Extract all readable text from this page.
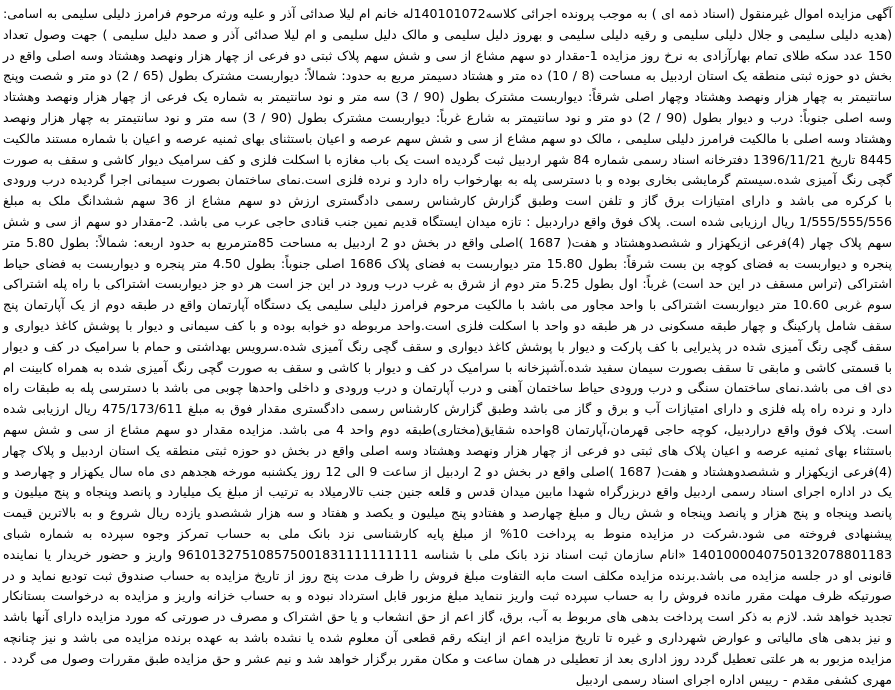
آگهی مزایده اموال غیرمنقول (اسناد ذمه ای ) به موجب پرونده اجرائی کلاسه140101072له خانم ام لیلا صدائی آذر و علیه ورثه مرحوم فرامرز دلیلی سلیمی به اسامی:(هدیه دلیلی سلیمی و جلال دلیلی سلیمی و رقیه دلیلی سلیمی و بهروز دلیل سلیمی و مالک دلیل سلیمی و ام لیلا صدائی آذر و صمد دلیل سلیمی ) جهت وصول تعداد 150 عدد سکه طلای تمام بهارآزادی به نرخ روز مزایده 1-مقدار دو سهم مشاع از سی و شش سهم پلاک ثبتی دو فرعی از چهار هزار ونهصد وهشتاد وسه اصلی واقع در بخش دو حوزه ثبتی منطقه یک استان اردبیل به مساحت (8 / 10) ده متر و هشتاد دسیمتر مربع به حدود: شمالاً: دیواربست مشترک بطول (65 / 2) دو متر و شصت وپنج سانتیمتر به چهار هزار ونهصد وهشتاد وچهار اصلی شرقاً: دیواربست مشترک بطول (90 / 3) سه متر و نود سانتیمتر به شماره یک فرعی از چهار هزار ونهصد وهشتاد وسه اصلی جنوباً: درب و دیوار بطول (90 / 2) دو متر و نود سانتیمتر به شارع غرباً: دیواربست مشترک بطول (90 / 3) سه متر و نود سانتیمتر به چهار هزار ونهصد وهشتاد وسه اصلی با مالکیت فرامرز دلیلی سلیمی ، مالک دو سهم مشاع از سی و شش سهم عرصه و اعیان باستثنای بهای ثمنیه عرصه و اعیان با شماره مستند مالکیت 8445 تاریخ 1396/11/21 دفترخانه اسناد رسمی شماره 84 شهر اردبیل ثبت گردیده است یک باب مغازه با اسکلت فلزی و کف سرامیک دیوار کاشی و سقف به صورت گچی رنگ آمیزی شده.سیستم گرمایشی بخاری بوده و با دسترسی پله به بهارخواب راه دارد و نرده فلزی است.نمای ساختمان بصورت سیمانی اجرا گردیده درب ورودی با کرکره می باشد و دارای امتیازات برق گاز و تلفن است وطبق گزارش کارشناس رسمی دادگستری ارزش دو سهم مشاع از 36 سهم ششدانگ ملک به مبلغ 1/555/555/556 ریال ارزیابی شده است. پلاک فوق واقع دراردبیل : تازه میدان ایستگاه قدیم نمین جنب قنادی حاجی عرب می باشد. 2-مقدار دو سهم از سی و شش سهم پلاک چهار (4)فرعی ازیکهزار و ششصدوهشتاد و هفت( 1687 )اصلی واقع در بخش دو 2 اردبیل به مساحت 85مترمربع به حدود اربعه: شمالاً: بطول 5.80 متر پنجره و دیواربست به فضای کوچه بن بست شرقاً: بطول 15.80 متر دیواربست به فضای پلاک 1686 اصلی جنوباً: بطول 4.50 متر پنجره و دیواربست به فضای حیاط اشتراکی (تراس مسقف در این حد است) غرباً: اول بطول 5.25 متر دوم از شرق به غرب درب ورود در این جز است هر دو جز دیواربست اشتراکی با راه پله اشتراکی سوم غربی 10.60 متر دیواربست اشتراکی با واحد مجاور می باشد با مالکیت مرحوم فرامرز دلیلی سلیمی یک دستگاه آپارتمان واقع در طبقه دوم از یک آپارتمان پنج سقف شامل پارکینگ و چهار طبقه مسکونی در هر طبقه دو واحد با اسکلت فلزی است.واحد مربوطه دو خوابه بوده و با کف سیمانی و دیوار با پوشش کاغذ دیواری و سقف گچی رنگ آمیزی شده در پذیرایی با کف پارکت و دیوار با پوشش کاغذ دیواری و سقف گچی رنگ آمیزی شده.سرویس بهداشتی و حمام با سرامیک در کف و دیوار با قسمتی کاشی و مابقی تا سقف بصورت سیمان سفید شده.آشپزخانه با سرامیک در کف و دیوار با کاشی و سقف به صورت گچی رنگ آمیزی شده به همراه کابینت ام دی اف می باشد.نمای ساختمان سنگی و درب ورودی حیاط ساختمان آهنی و درب آپارتمان و درب ورودی و داخلی واحدها چوبی می باشد با دسترسی پله به طبقات راه دارد و نرده راه پله فلزی و دارای امتیازات آب و برق و گاز می باشد وطبق گزارش کارشناس رسمی دادگستری مقدار فوق به مبلغ 475/173/611 ریال ارزیابی شده است. پلاک فوق واقع دراردبیل، کوچه حاجی قهرمان،آپارتمان 8واحده شقایق(مختاری)طبقه دوم واحد 4 می باشد. مزایده مقدار دو سهم مشاع از سی و شش سهم باستثناء بهای ثمنیه عرصه و اعیان پلاک های ثبتی دو فرعی از چهار هزار ونهصد وهشتاد وسه اصلی واقع در بخش دو حوزه ثبتی منطقه یک استان اردبیل و پلاک چهار (4)فرعی ازیکهزار و ششصدوهشتاد و هفت( 1687 )اصلی واقع در بخش دو 2 اردبیل از ساعت 9 الی 12 روز یکشنبه مورخه هجدهم دی ماه سال یکهزار و چهارصد و یک در اداره اجرای اسناد رسمی اردبیل واقع دربزرگراه شهدا مابین میدان قدس و قلعه جنین جنب تالارمیلاد به ترتیب از مبلغ یک میلیارد و پانصد وپنجاه و پنج میلیون و پانصد وپنجاه و پنج هزار و پانصد وپنجاه و شش ریال و مبلغ چهارصد و هفتادو پنج میلیون و یکصد و هفتاد و سه هزار ششصدو یازده ریال شروع و به بالاترین قیمت پیشنهادی فروخته می شود.شرکت در مزایده منوط به پرداخت 10% از مبلغ پایه کارشناسی نزد بانک ملی به حساب تمرکز وجوه سپرده به شماره شبای 1401000040750132078801183 «انام سازمان ثبت اسناد نزد بانک ملی با شناسه 961013275108575001831111111111 واریز و حضور خریدار یا نماینده قانونی او در جلسه مزایده می باشد.برنده مزایده مکلف است مابه التفاوت مبلغ فروش را ظرف مدت پنج روز از تاریخ مزایده به حساب صندوق ثبت تودیع نماید و در صورتیکه ظرف مهلت مقرر مانده فروش را به حساب سپرده ثبت واریز ننماید مبلغ مزبور قابل استرداد نبوده و به حساب خزانه واریز و مزایده به درخواست بستانکار تجدید خواهد شد. لازم به ذکر است پرداخت بدهی های مربوط به آب، برق، گاز اعم از حق انشعاب و یا حق اشتراک و مصرف در صورتی که مورد مزایده دارای آنها باشد و نیز بدهی های مالیاتی و عوارض شهرداری و غیره تا تاریخ مزایده اعم از اینکه رقم قطعی آن معلوم شده یا نشده باشد به عهده برنده مزایده می باشد و نیز چنانچه مزایده مزبور به هر علتی تعطیل گردد روز اداری بعد از تعطیلی در همان ساعت و مکان مقرر برگزار خواهد شد و نیم عشر و حق مزایده طبق مقررات وصول می گردد . مهری کشفی مقدم - رییس اداره اجرای اسناد رسمی اردبیل
